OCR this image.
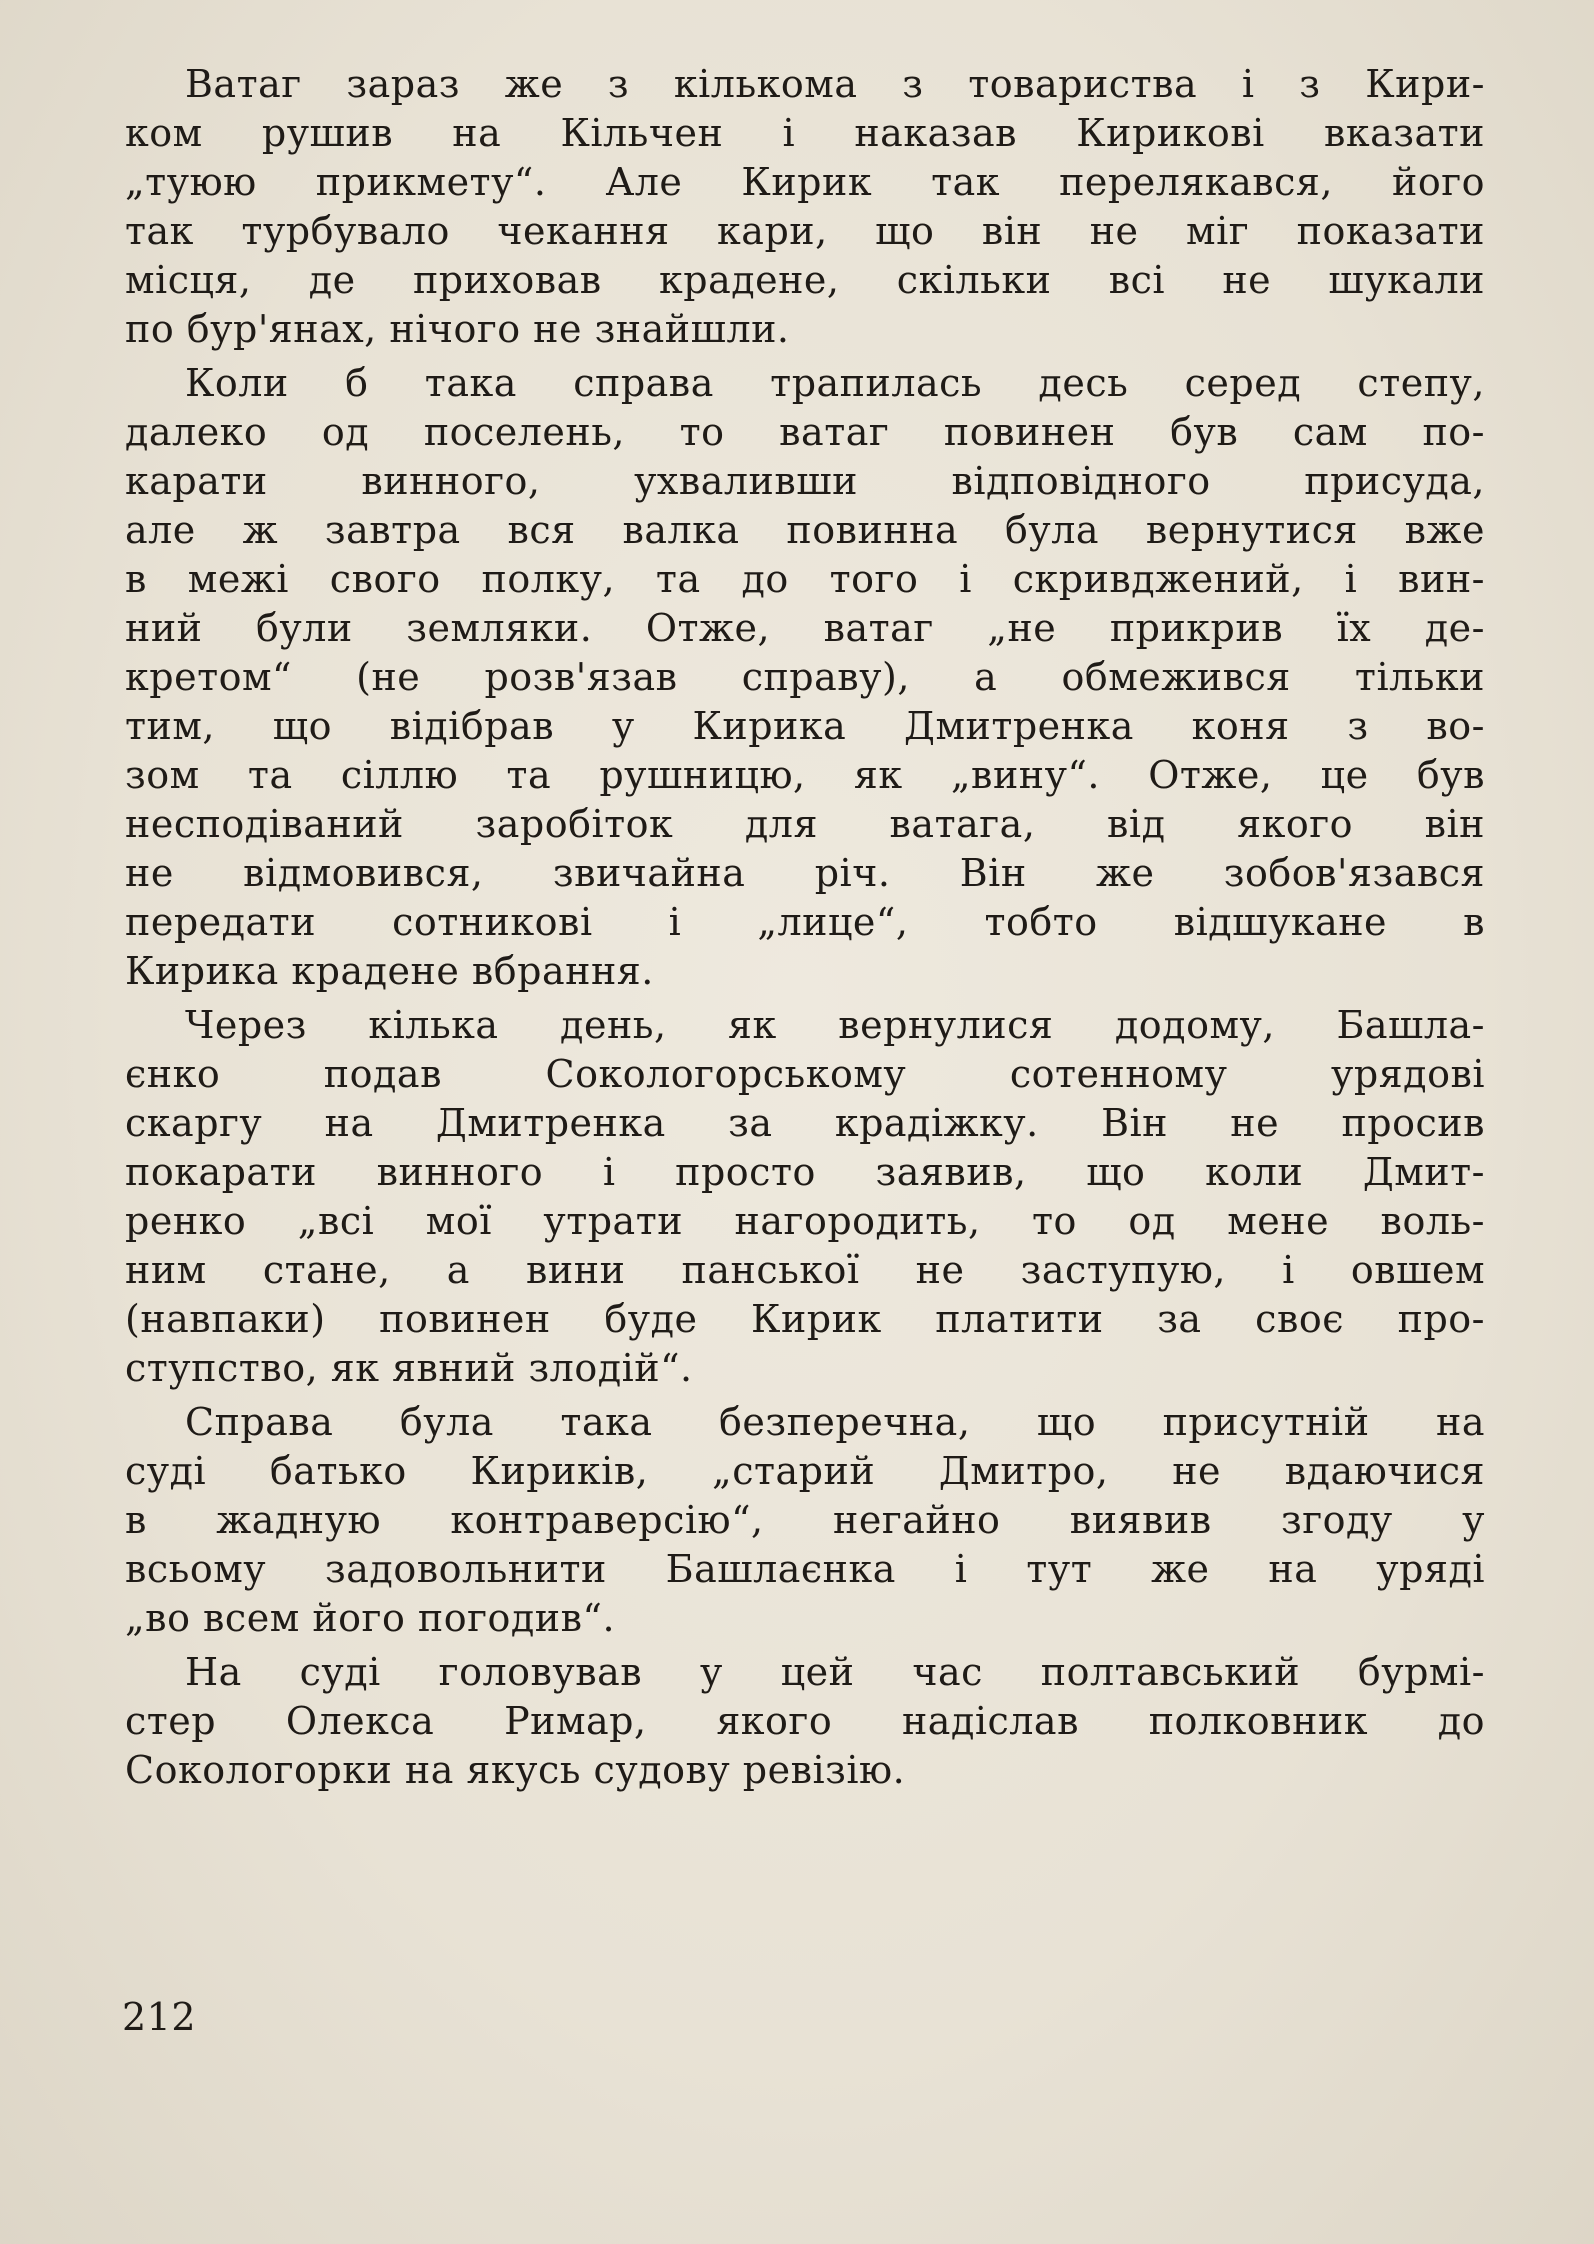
Ватаг зараз же з кількома з товариства і з Кири-
ком рушив на Кільчен і наказав Кирикові вказати
„туюю прикмету“. Але Кирик так перелякався, його
так турбувало чекання кари, що він не міг показати
місця, де приховав крадене, скільки всі не шукали
по бур'янах, нічого не знайшли.
Коли б така справа трапилась десь серед степу,
далеко од поселень, то ватаг повинен був сам по-
карати винного, ухваливши відповідного присуда,
але ж завтра вся валка повинна була вернутися вже
в межі свого полку, та до того і скривджений, і вин-
ний були земляки. Отже, ватаг „не прикрив їх де-
кретом“ (не розв'язав справу), а обмежився тільки
тим, що відібрав у Кирика Дмитренка коня з во-
зом та сіллю та рушницю, як „вину“. Отже, це був
несподіваний заробіток для ватага, від якого він
не відмовився, звичайна річ. Він же зобов'язався
передати сотникові і „лице“, тобто відшукане в
Кирика крадене вбрання.
Через кілька день, як вернулися додому, Башла-
єнко подав Сокологорському сотенному урядові
скаргу на Дмитренка за крадіжку. Він не просив
покарати винного і просто заявив, що коли Дмит-
ренко „всі мої утрати нагородить, то од мене воль-
ним стане, а вини панської не заступую, і овшем
(навпаки) повинен буде Кирик платити за своє про-
ступство, як явний злодій“.
Справа була така безперечна, що присутній на
суді батько Кириків, „старий Дмитро, не вдаючися
в жадную контраверсію“, негайно виявив згоду у
всьому задовольнити Башлаєнка і тут же на уряді
„во всем його погодив“.
На суді головував у цей час полтавський бурмі-
стер Олекса Римар, якого надіслав полковник до
Сокологорки на якусь судову ревізію.
212
